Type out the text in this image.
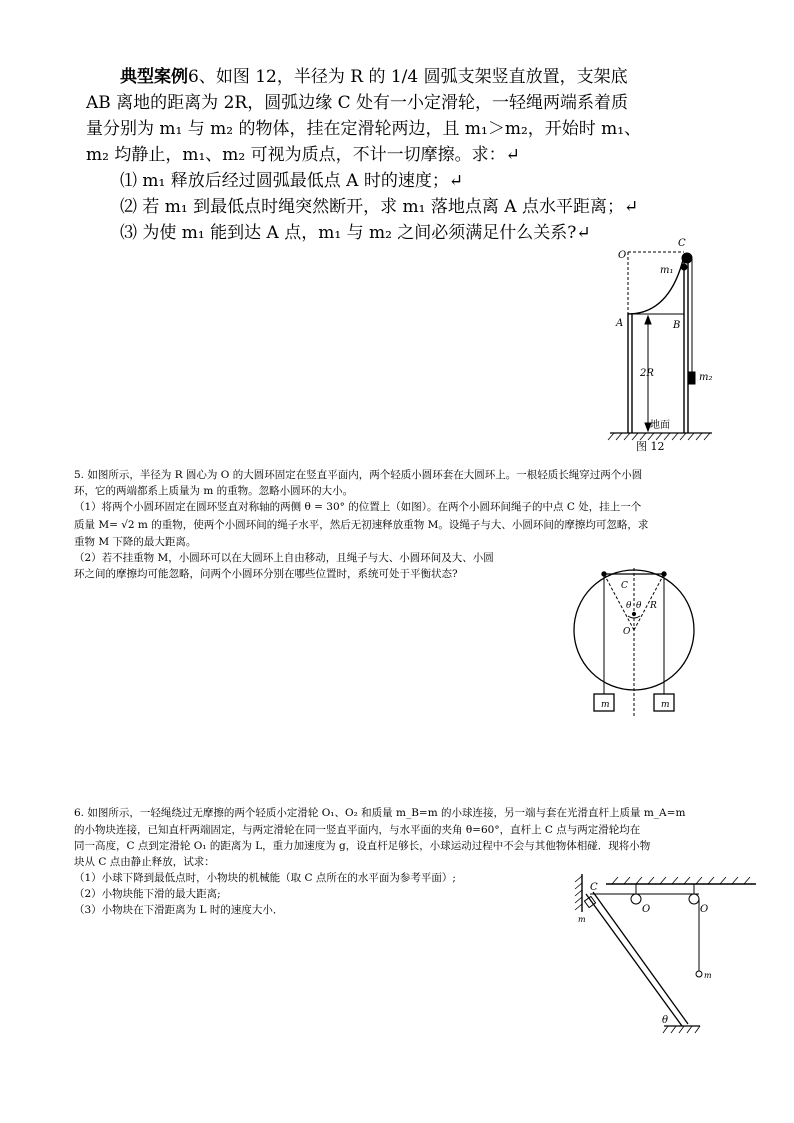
典型案例6、如图 12，半径为 R 的 1/4 圆弧支架竖直放置，支架底
AB 离地的距离为 2R，圆弧边缘 C 处有一小定滑轮，一轻绳两端系着质
量分别为 m₁ 与 m₂ 的物体，挂在定滑轮两边，且 m₁＞m₂，开始时 m₁、
m₂ 均静止，m₁、m₂ 可视为质点，不计一切摩擦。求：↵
⑴ m₁ 释放后经过圆弧最低点 A 时的速度；↵
⑵ 若 m₁ 到最低点时绳突然断开，求 m₁ 落地点离 A 点水平距离；↵
⑶ 为使 m₁ 能到达 A 点，m₁ 与 m₂ 之间必须满足什么关系?↵
O
C
m₁
A	B
2R	m₂
地面
图 12
5. 如图所示，半径为 R 圆心为 O 的大圆环固定在竖直平面内，两个轻质小圆环套在大圆环上。一根轻质长绳穿过两个小圆
环，它的两端都系上质量为 m 的重物。忽略小圆环的大小。
（1）将两个小圆环固定在圆环竖直对称轴的两侧 θ = 30° 的位置上（如图）。在两个小圆环间绳子的中点 C 处，挂上一个
质量 M= √2 m 的重物，使两个小圆环间的绳子水平，然后无初速释放重物 M。设绳子与大、小圆环间的摩擦均可忽略，求
重物 M 下降的最大距离。
（2）若不挂重物 M，小圆环可以在大圆环上自由移动，且绳子与大、小圆环间及大、小圆
环之间的摩擦均可能忽略，问两个小圆环分别在哪些位置时，系统可处于平衡状态?
C
θ θ R
O
m	m
6. 如图所示，一轻绳绕过无摩擦的两个轻质小定滑轮 O₁、O₂ 和质量 m_B=m 的小球连接，另一端与套在光滑直杆上质量 m_A=m
的小物块连接，已知直杆两端固定，与两定滑轮在同一竖直平面内，与水平面的夹角 θ=60°，直杆上 C 点与两定滑轮均在
同一高度，C 点到定滑轮 O₁ 的距离为 L，重力加速度为 g，设直杆足够长，小球运动过程中不会与其他物体相碰．现将小物
块从 C 点由静止释放，试求：
（1）小球下降到最低点时，小物块的机械能（取 C 点所在的水平面为参考平面）;
（2）小物块能下滑的最大距离;
（3）小物块在下滑距离为 L 时的速度大小．
C
m
O	O
m
θ
